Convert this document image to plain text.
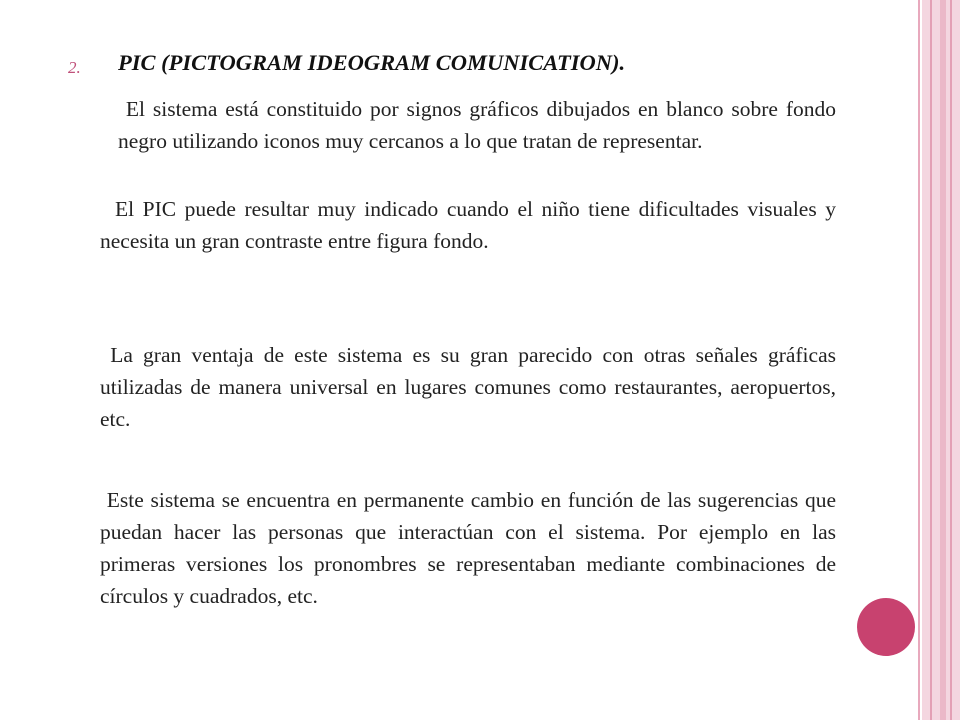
2. PIC (PICTOGRAM IDEOGRAM COMUNICATION).

El sistema está constituido por signos gráficos dibujados en blanco sobre fondo negro utilizando iconos muy cercanos a lo que tratan de representar.

El PIC puede resultar muy indicado cuando el niño tiene dificultades visuales y necesita un gran contraste entre figura fondo.

La gran ventaja de este sistema es su gran parecido con otras señales gráficas utilizadas de manera universal en lugares comunes como restaurantes, aeropuertos, etc.

Este sistema se encuentra en permanente cambio en función de las sugerencias que puedan hacer las personas que interactúan con el sistema. Por ejemplo en las primeras versiones los pronombres se representaban mediante combinaciones de círculos y cuadrados, etc.
